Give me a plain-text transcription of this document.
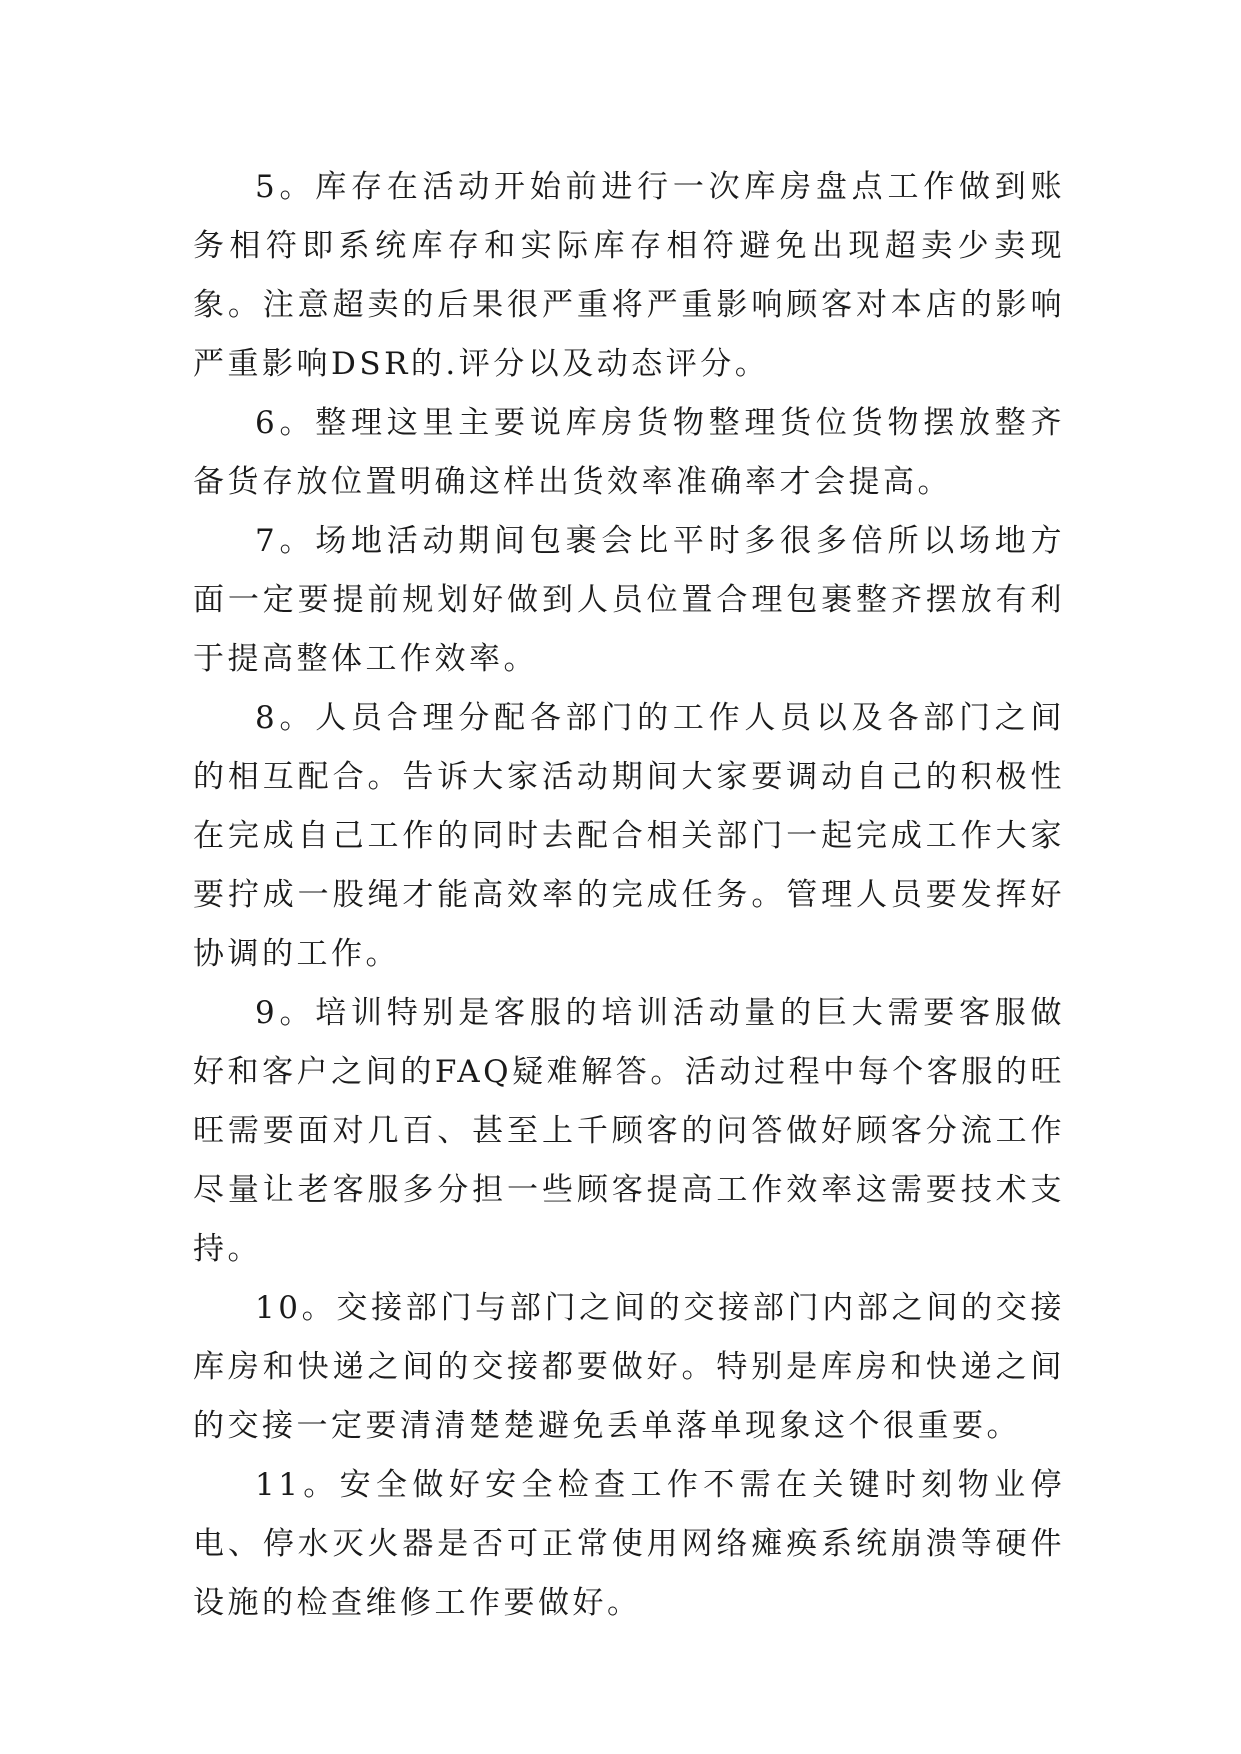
5。库存在活动开始前进行一次库房盘点工作做到账务相符即系统库存和实际库存相符避免出现超卖少卖现象。注意超卖的后果很严重将严重影响顾客对本店的影响严重影响DSR的.评分以及动态评分。

6。整理这里主要说库房货物整理货位货物摆放整齐备货存放位置明确这样出货效率准确率才会提高。

7。场地活动期间包裹会比平时多很多倍所以场地方面一定要提前规划好做到人员位置合理包裹整齐摆放有利于提高整体工作效率。

8。人员合理分配各部门的工作人员以及各部门之间的相互配合。告诉大家活动期间大家要调动自己的积极性在完成自己工作的同时去配合相关部门一起完成工作大家要拧成一股绳才能高效率的完成任务。管理人员要发挥好协调的工作。

9。培训特别是客服的培训活动量的巨大需要客服做好和客户之间的FAQ疑难解答。活动过程中每个客服的旺旺需要面对几百、甚至上千顾客的问答做好顾客分流工作尽量让老客服多分担一些顾客提高工作效率这需要技术支持。

10。交接部门与部门之间的交接部门内部之间的交接库房和快递之间的交接都要做好。特别是库房和快递之间的交接一定要清清楚楚避免丢单落单现象这个很重要。

11。安全做好安全检查工作不需在关键时刻物业停电、停水灭火器是否可正常使用网络瘫痪系统崩溃等硬件设施的检查维修工作要做好。
